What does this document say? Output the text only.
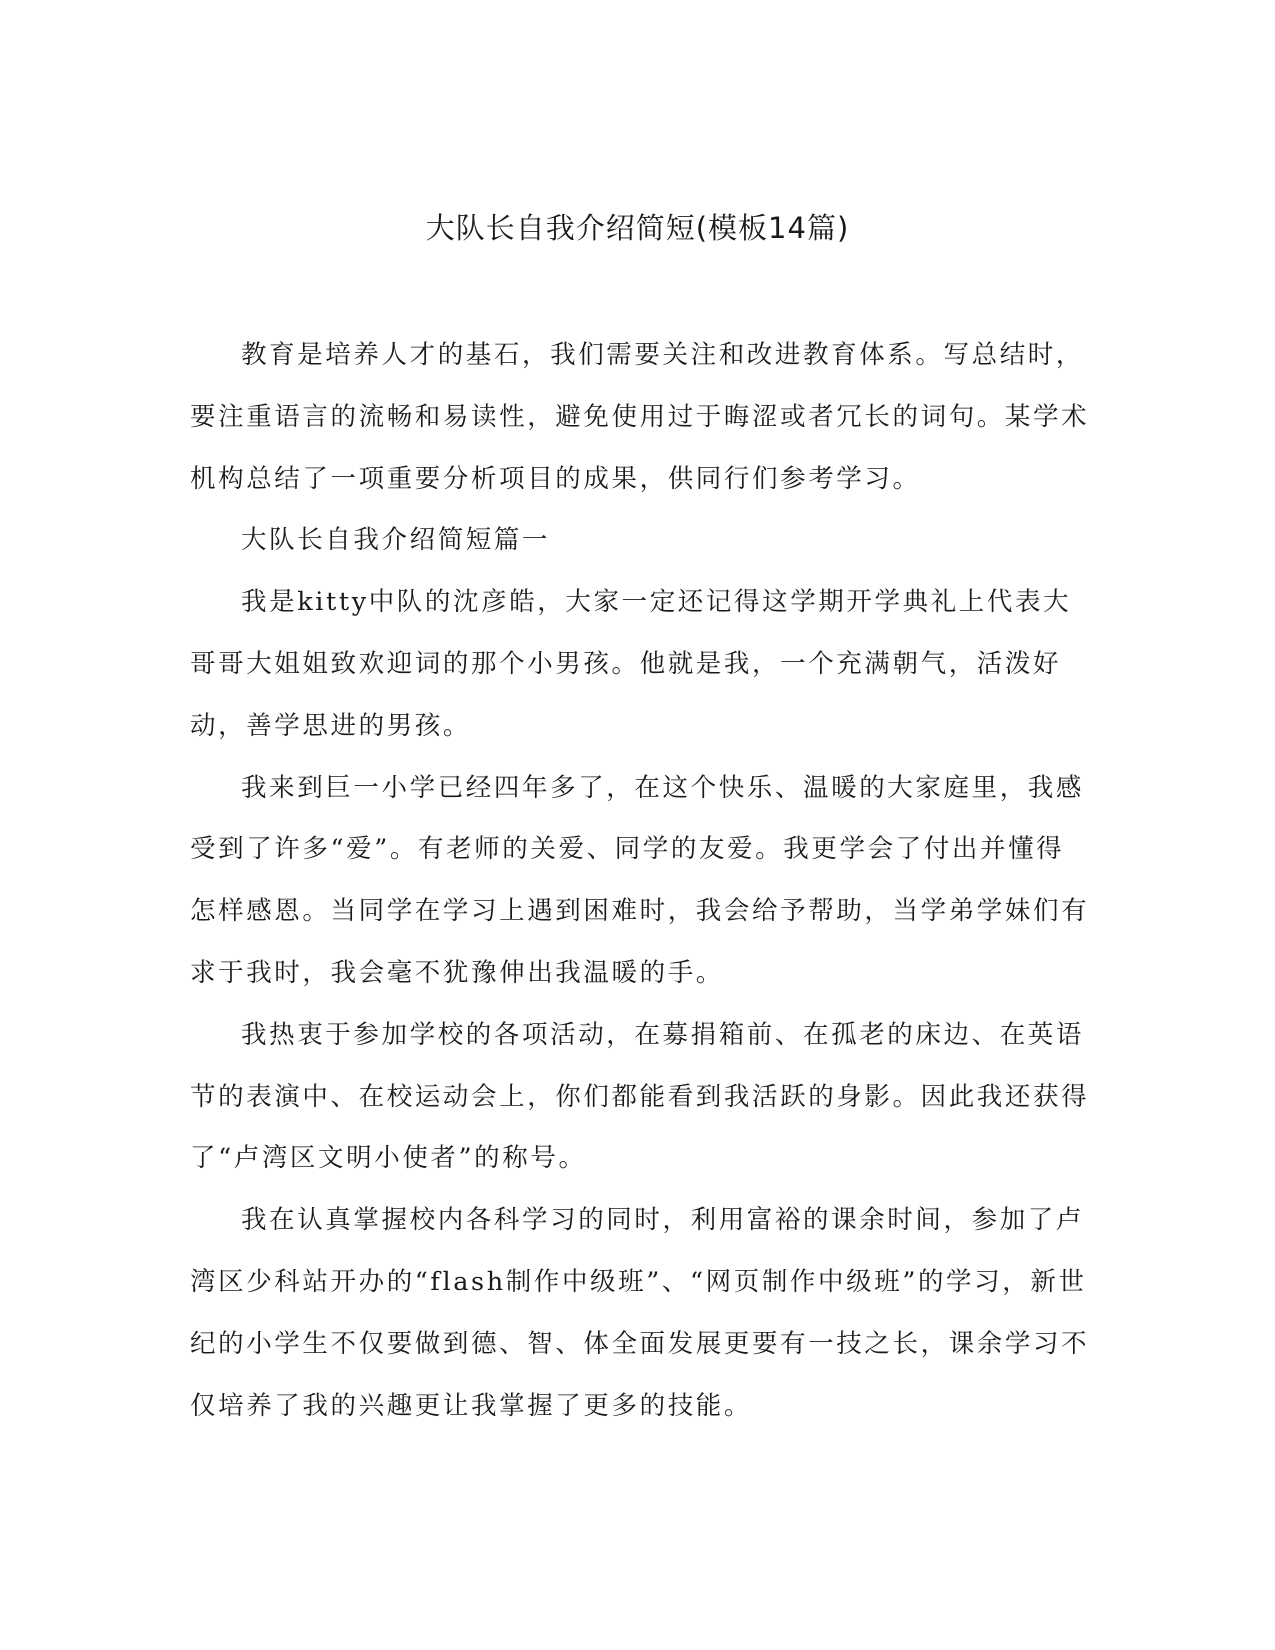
大队长自我介绍简短(模板14篇)

教育是培养人才的基石，我们需要关注和改进教育体系。写总结时，要注重语言的流畅和易读性，避免使用过于晦涩或者冗长的词句。某学术机构总结了一项重要分析项目的成果，供同行们参考学习。

大队长自我介绍简短篇一

我是kitty中队的沈彦皓，大家一定还记得这学期开学典礼上代表大哥哥大姐姐致欢迎词的那个小男孩。他就是我，一个充满朝气，活泼好动，善学思进的男孩。

我来到巨一小学已经四年多了，在这个快乐、温暖的大家庭里，我感受到了许多“爱”。有老师的关爱、同学的友爱。我更学会了付出并懂得怎样感恩。当同学在学习上遇到困难时，我会给予帮助，当学弟学妹们有求于我时，我会毫不犹豫伸出我温暖的手。

我热衷于参加学校的各项活动，在募捐箱前、在孤老的床边、在英语节的表演中、在校运动会上，你们都能看到我活跃的身影。因此我还获得了“卢湾区文明小使者”的称号。

我在认真掌握校内各科学习的同时，利用富裕的课余时间，参加了卢湾区少科站开办的“flash制作中级班”、“网页制作中级班”的学习，新世纪的小学生不仅要做到德、智、体全面发展更要有一技之长，课余学习不仅培养了我的兴趣更让我掌握了更多的技能。
